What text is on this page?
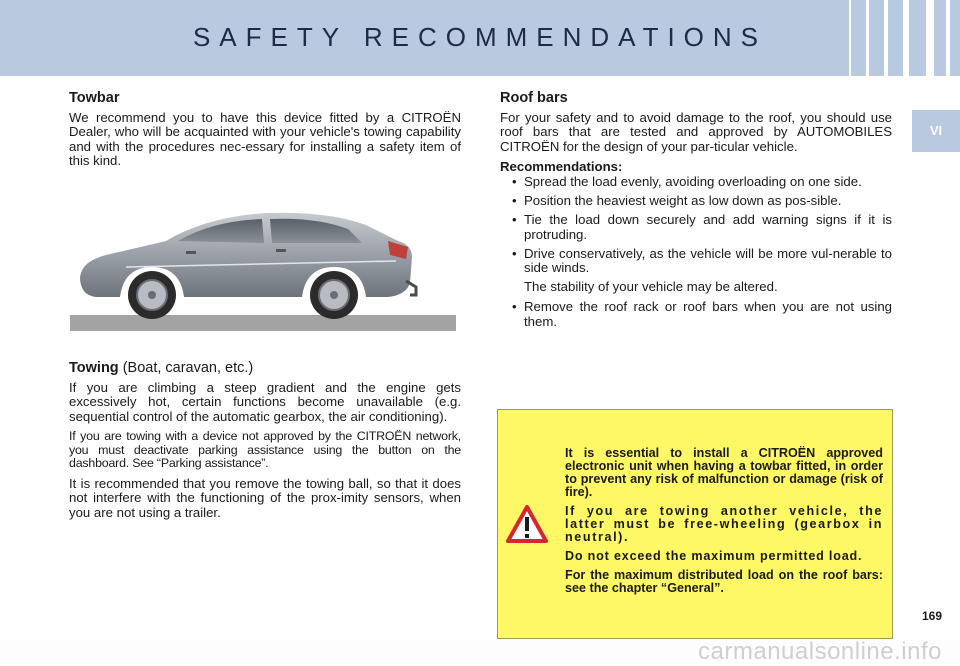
SAFETY RECOMMENDATIONS
VI
Towbar

We recommend you to have this device fitted by a CITROËN Dealer, who will be acquainted with your vehicle's towing capability and with the procedures nec-essary for installing a safety item of this kind.

Towing (Boat, caravan, etc.)

If you are climbing a steep gradient and the engine gets excessively hot, certain functions become unavailable (e.g. sequential control of the automatic gearbox, the air conditioning).

If you are towing with a device not approved by the CITROËN network, you must deactivate parking assistance using the button on the dashboard. See “Parking assistance”.

It is recommended that you remove the towing ball, so that it does not interfere with the functioning of the prox-imity sensors, when you are not using a trailer.

Roof bars

For your safety and to avoid damage to the roof, you should use roof bars that are tested and approved by AUTOMOBILES CITROËN for the design of your par-ticular vehicle.

Recommendations:
• Spread the load evenly, avoiding overloading on one side.
• Position the heaviest weight as low down as pos-sible.
• Tie the load down securely and add warning signs if it is protruding.
• Drive conservatively, as the vehicle will be more vul-nerable to side winds.

The stability of your vehicle may be altered.

• Remove the roof rack or roof bars when you are not using them.

It is essential to install a CITROËN approved electronic unit when having a towbar fitted, in order to prevent any risk of malfunction or damage (risk of fire).

If you are towing another vehicle, the latter must be free-wheeling (gearbox in neutral).

Do not exceed the maximum permitted load.

For the maximum distributed load on the roof bars: see the chapter “General”.

169
carmanualsonline.info
